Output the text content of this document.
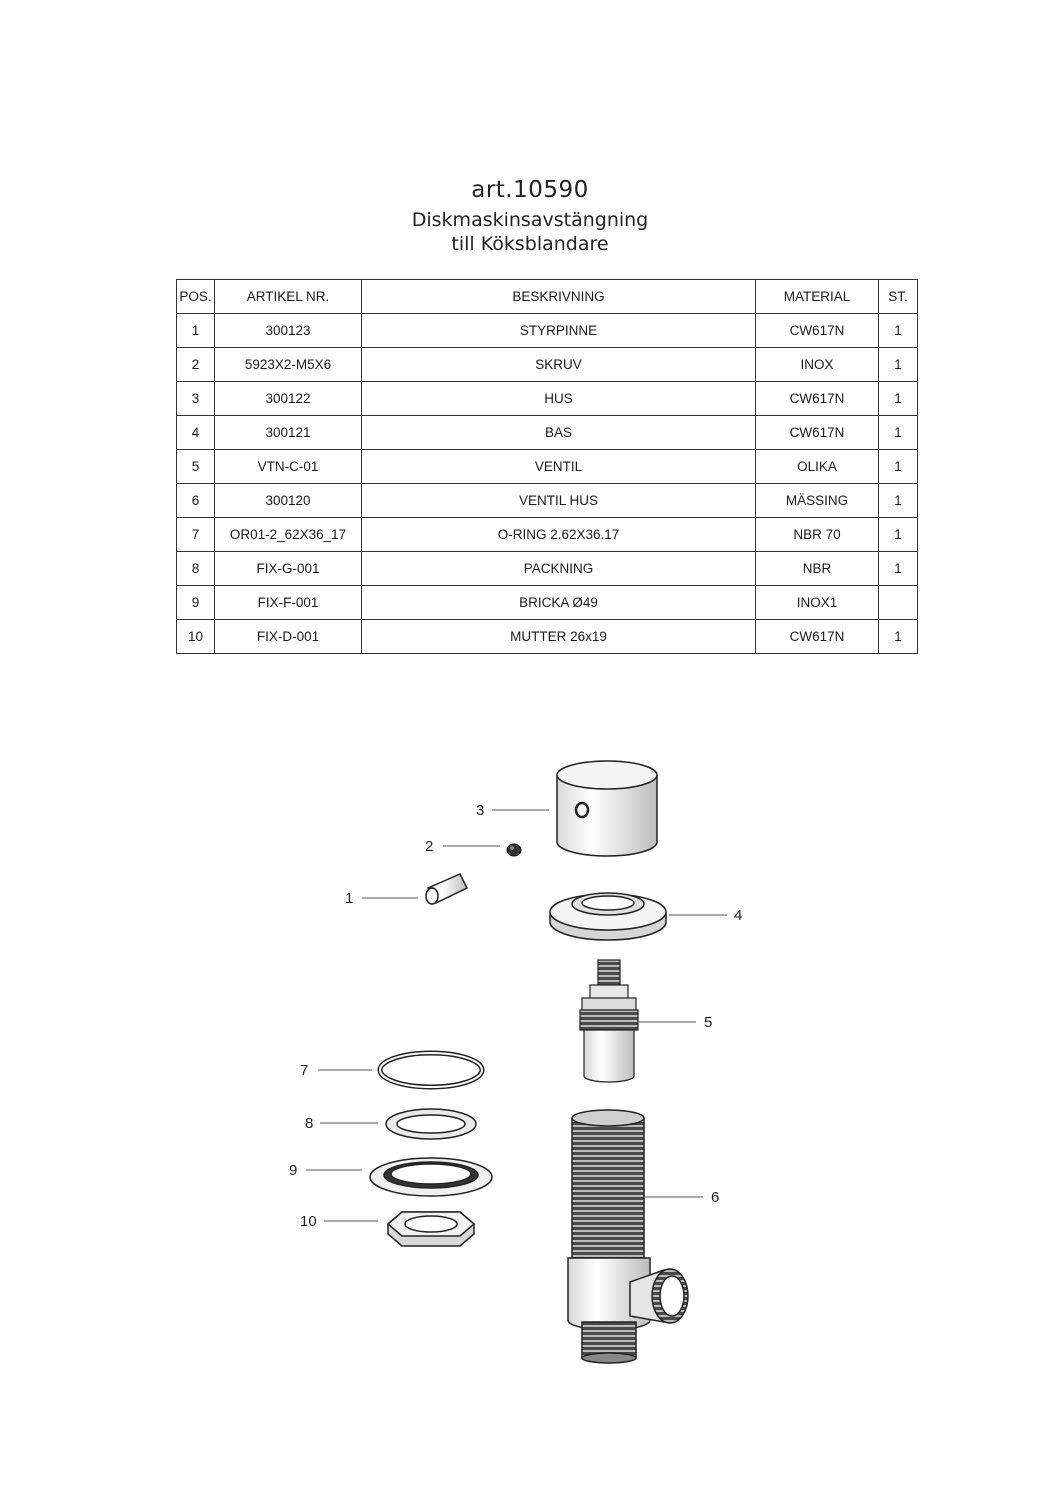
art.10590

Diskmaskinsavstängning

till Köksblandare

POS.	ARTIKEL NR.	BESKRIVNING	MATERIAL	ST.
1	300123	STYRPINNE	CW617N	1
2	5923X2-M5X6	SKRUV	INOX	1
3	300122	HUS	CW617N	1
4	300121	BAS	CW617N	1
5	VTN-C-01	VENTIL	OLIKA	1
6	300120	VENTIL HUS	MÄSSING	1
7	OR01-2_62X36_17	O-RING 2.62X36.17	NBR 70	1
8	FIX-G-001	PACKNING	NBR	1
9	FIX-F-001	BRICKA Ø49	INOX1	
10	FIX-D-001	MUTTER 26x19	CW617N	1
3
2
1
4
5
6
7
8
9
10
